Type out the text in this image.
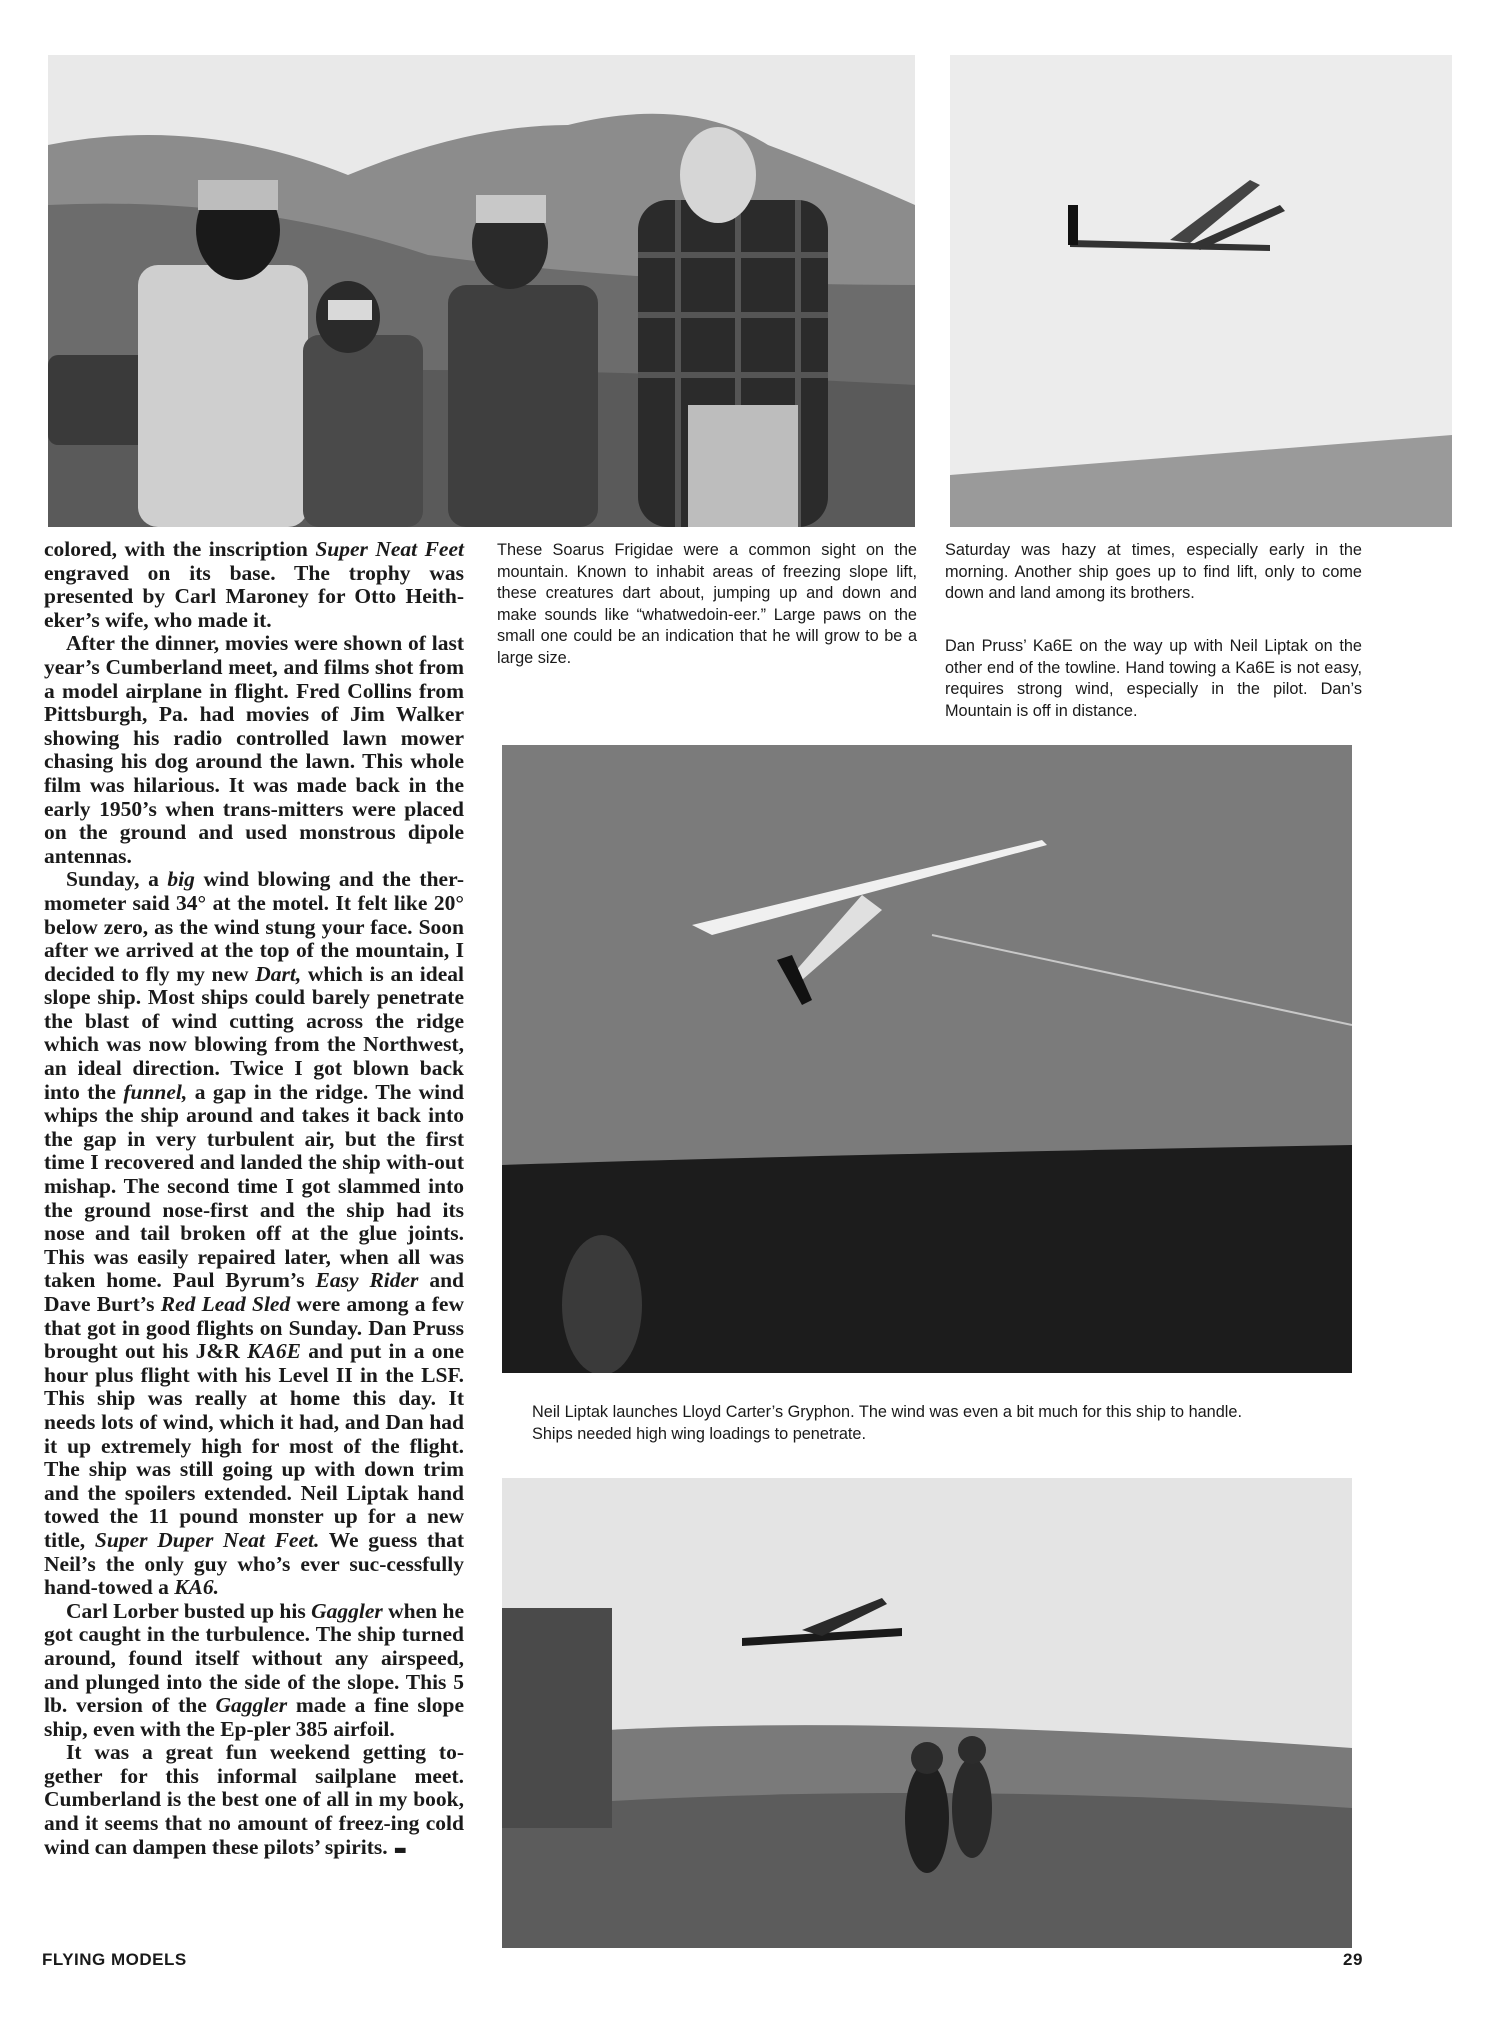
These Soarus Frigidae were a common sight on the mountain. Known to inhabit areas of freezing slope lift, these creatures dart about, jumping up and down and make sounds like “whatwedoin-eer.” Large paws on the small one could be an indication that he will grow to be a large size.
Saturday was hazy at times, especially early in the morning. Another ship goes up to find lift, only to come down and land among its brothers.
Dan Pruss’ Ka6E on the way up with Neil Liptak on the other end of the towline. Hand towing a Ka6E is not easy, requires strong wind, especially in the pilot. Dan’s Mountain is off in distance.
Neil Liptak launches Lloyd Carter’s Gryphon. The wind was even a bit much for this ship to handle. Ships needed high wing loadings to penetrate.

colored, with the inscription Super Neat Feet engraved on its base. The trophy was presented by Carl Maroney for Otto Heith-eker’s wife, who made it.

After the dinner, movies were shown of last year’s Cumberland meet, and films shot from a model airplane in flight. Fred Collins from Pittsburgh, Pa. had movies of Jim Walker showing his radio controlled lawn mower chasing his dog around the lawn. This whole film was hilarious. It was made back in the early 1950’s when trans-mitters were placed on the ground and used monstrous dipole antennas.

Sunday, a big wind blowing and the ther-mometer said 34° at the motel. It felt like 20° below zero, as the wind stung your face. Soon after we arrived at the top of the mountain, I decided to fly my new Dart, which is an ideal slope ship. Most ships could barely penetrate the blast of wind cutting across the ridge which was now blowing from the Northwest, an ideal direction. Twice I got blown back into the funnel, a gap in the ridge. The wind whips the ship around and takes it back into the gap in very turbulent air, but the first time I recovered and landed the ship with-out mishap. The second time I got slammed into the ground nose-first and the ship had its nose and tail broken off at the glue joints. This was easily repaired later, when all was taken home. Paul Byrum’s Easy Rider and Dave Burt’s Red Lead Sled were among a few that got in good flights on Sunday. Dan Pruss brought out his J&R KA6E and put in a one hour plus flight with his Level II in the LSF. This ship was really at home this day. It needs lots of wind, which it had, and Dan had it up extremely high for most of the flight. The ship was still going up with down trim and the spoilers extended. Neil Liptak hand towed the 11 pound monster up for a new title, Super Duper Neat Feet. We guess that Neil’s the only guy who’s ever suc-cessfully hand-towed a KA6.

Carl Lorber busted up his Gaggler when he got caught in the turbulence. The ship turned around, found itself without any airspeed, and plunged into the side of the slope. This 5 lb. version of the Gaggler made a fine slope ship, even with the Ep-pler 385 airfoil.

It was a great fun weekend getting to-gether for this informal sailplane meet. Cumberland is the best one of all in my book, and it seems that no amount of freez-ing cold wind can dampen these pilots’ spirits. ▬

FLYING MODELS	29
